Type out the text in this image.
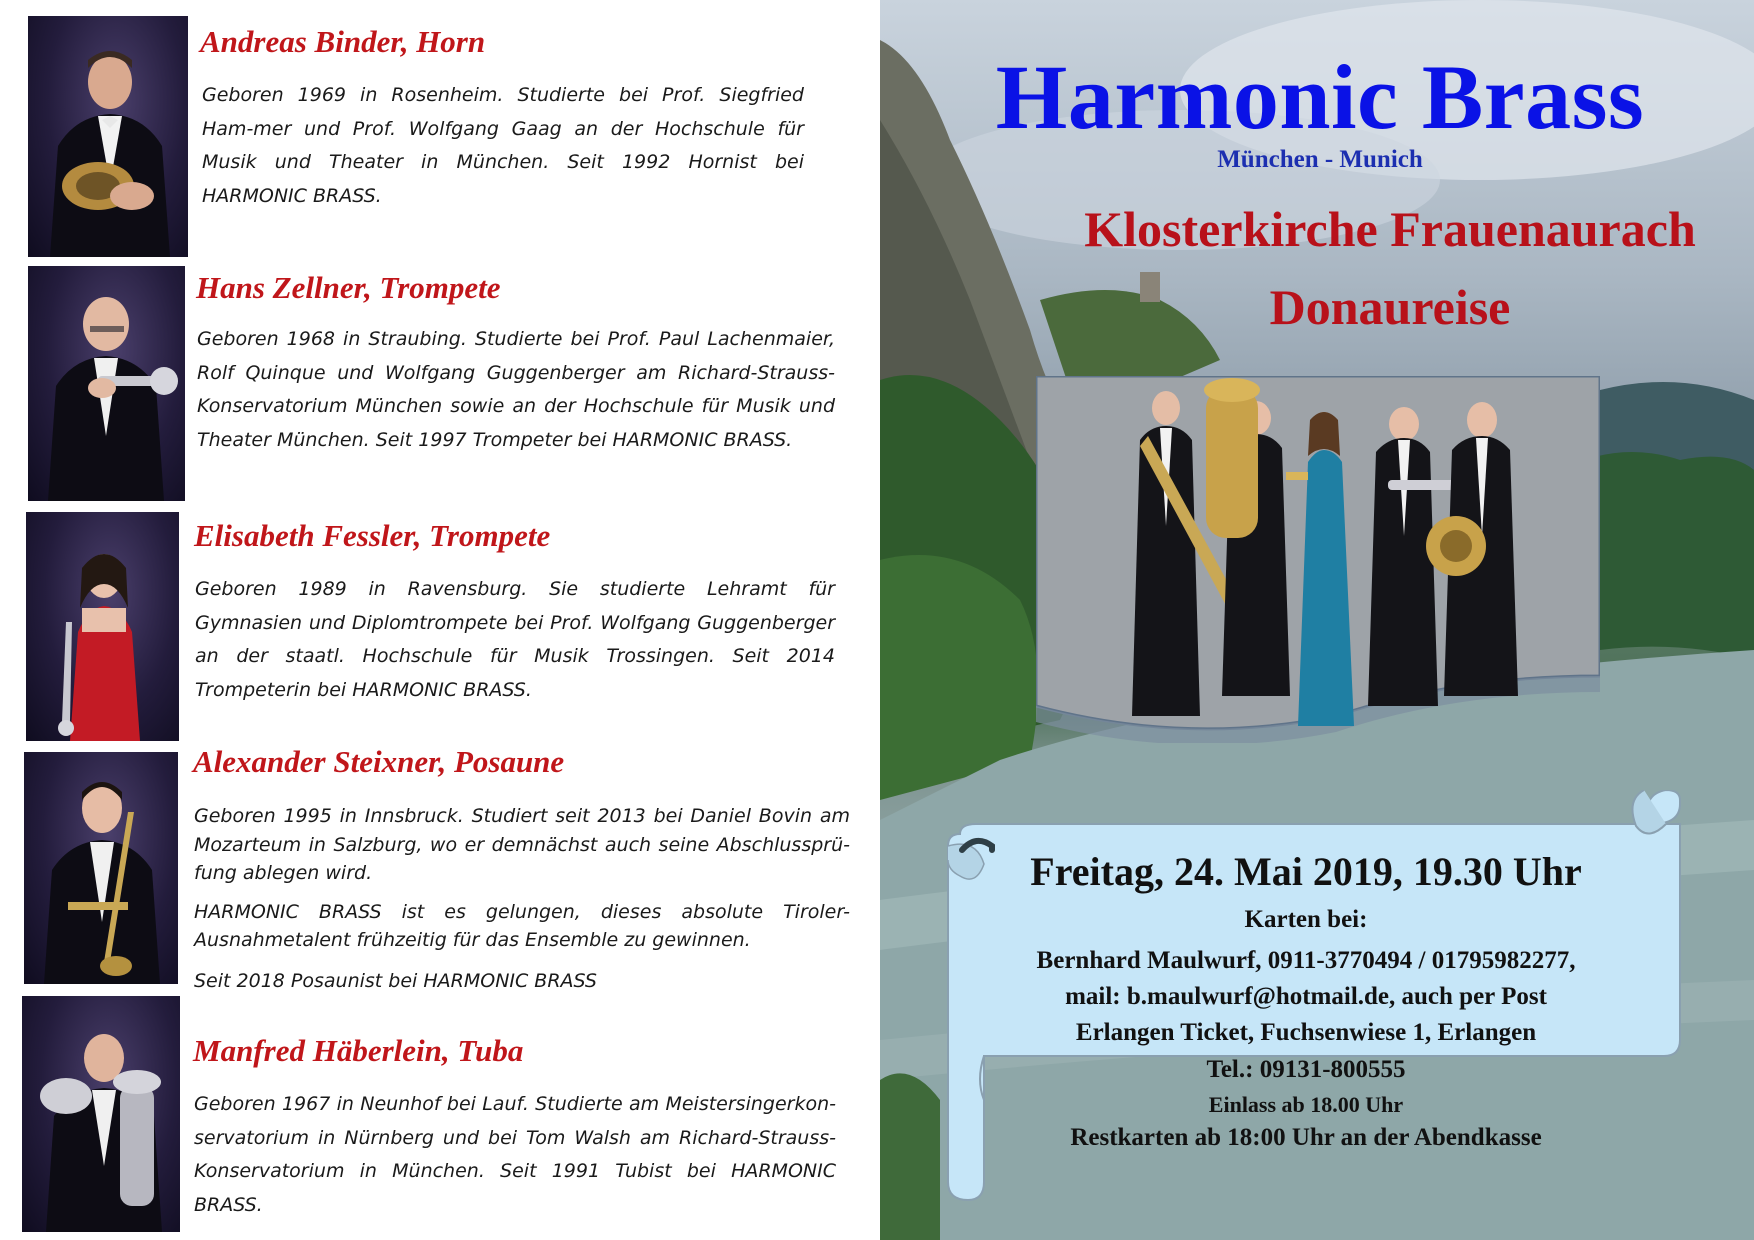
Andreas Binder, Horn

Geboren 1969 in Rosenheim. Studierte bei Prof. Siegfried Ham-mer und Prof. Wolfgang Gaag an der Hochschule für Musik und Theater in München. Seit 1992 Hornist bei HARMONIC BRASS.

Hans Zellner, Trompete

Geboren 1968 in Straubing. Studierte bei Prof. Paul Lachenmaier, Rolf Quinque und Wolfgang Guggenberger am Richard-Strauss-Konservatorium München sowie an der Hochschule für Musik und Theater München. Seit 1997 Trompeter bei HARMONIC BRASS.

Elisabeth Fessler, Trompete

Geboren 1989 in Ravensburg. Sie studierte Lehramt für Gymnasien und Diplomtrompete bei Prof. Wolfgang Guggenberger an der staatl. Hochschule für Musik Trossingen. Seit 2014 Trompeterin bei HARMONIC BRASS.

Alexander Steixner, Posaune

Geboren 1995 in Innsbruck. Studiert seit 2013 bei Daniel Bovin am Mozarteum in Salzburg, wo er demnächst auch seine Abschlussprü-fung ablegen wird.

HARMONIC BRASS ist es gelungen, dieses absolute Tiroler-Ausnahmetalent frühzeitig für das Ensemble zu gewinnen.

Seit 2018 Posaunist bei HARMONIC BRASS

Manfred Häberlein, Tuba

Geboren 1967 in Neunhof bei Lauf. Studierte am Meistersingerkon-servatorium in Nürnberg und bei Tom Walsh am Richard-Strauss-Konservatorium in München. Seit 1991 Tubist bei HARMONIC BRASS.

Harmonic Brass
München - Munich
Klosterkirche Frauenaurach
Donaureise

Freitag, 24. Mai 2019, 19.30 Uhr

Karten bei:

Bernhard Maulwurf, 0911-3770494 / 01795982277,

mail: b.maulwurf@hotmail.de, auch per Post

Erlangen Ticket, Fuchsenwiese 1, Erlangen

Tel.: 09131-800555

Einlass ab 18.00 Uhr

Restkarten ab 18:00 Uhr an der Abendkasse
